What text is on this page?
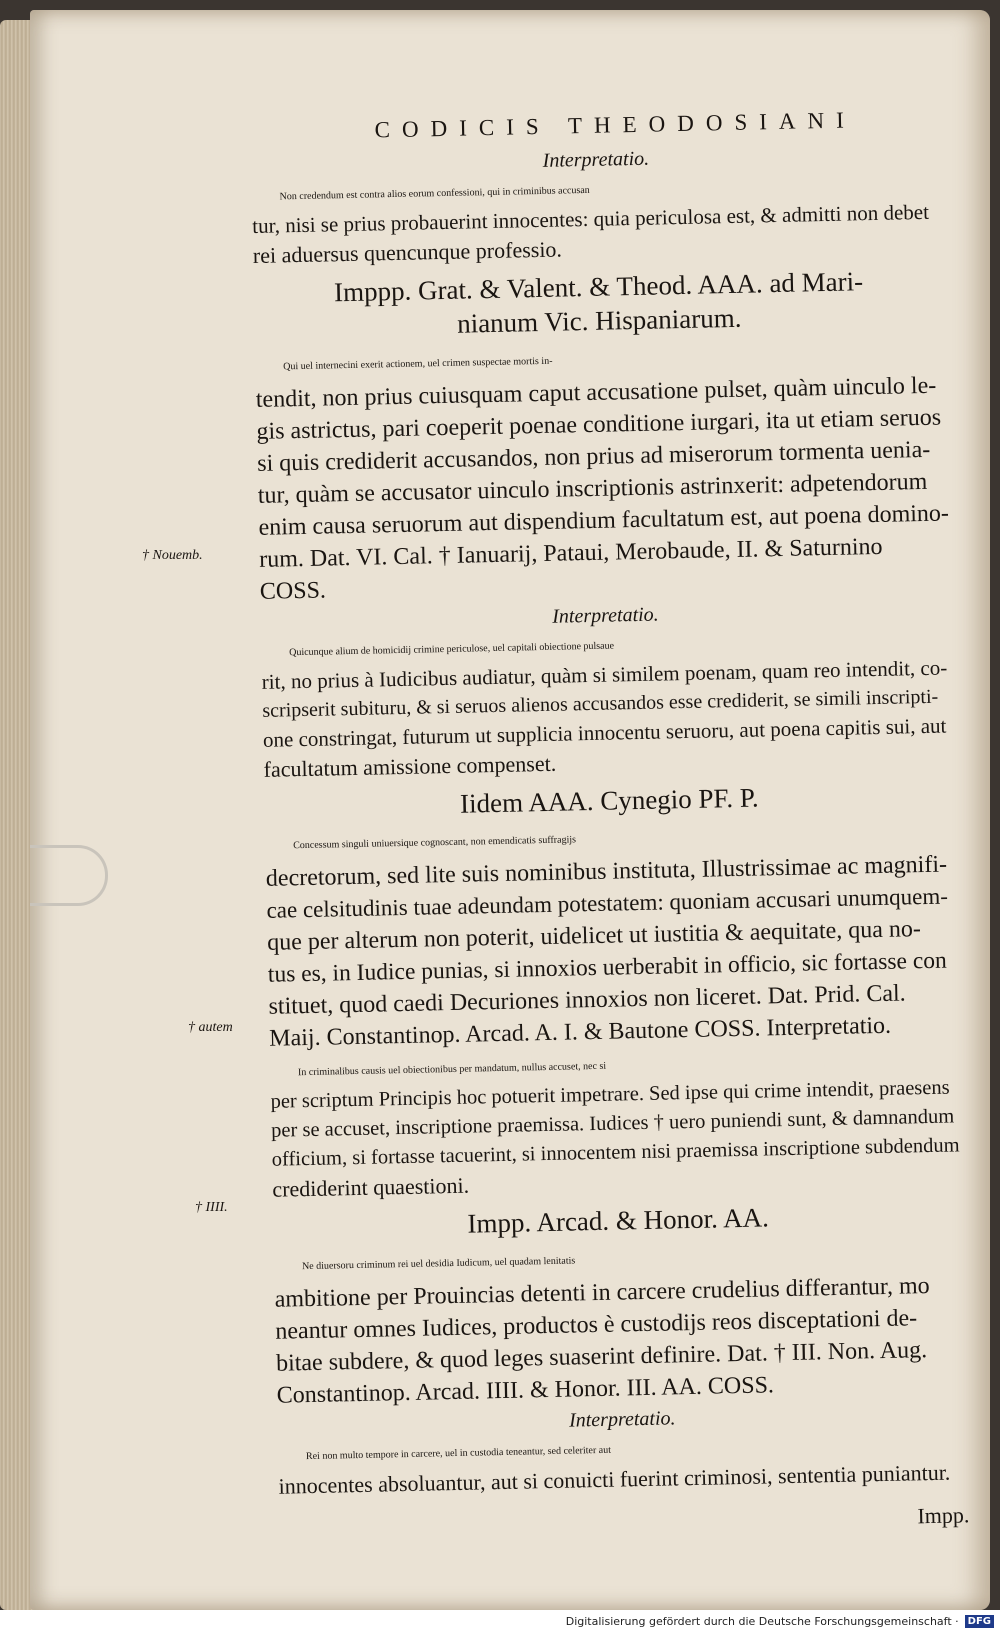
† Nouemb.
† autem
† IIII.
CODICIS THEODOSIANI
Interpretatio.
Non credendum est contra alios eorum confessioni, qui in criminibus accusan
tur, nisi se prius probauerint innocentes: quia periculosa est, & admitti non debet
rei aduersus quencunque professio.
Imppp. Grat. & Valent. & Theod. AAA. ad Mari-
nianum Vic. Hispaniarum.
Qui uel internecini exerit actionem, uel crimen suspectae mortis in-
tendit, non prius cuiusquam caput accusatione pulset, quàm uinculo le-
gis astrictus, pari coeperit poenae conditione iurgari, ita ut etiam seruos
si quis crediderit accusandos, non prius ad miserorum tormenta uenia-
tur, quàm se accusator uinculo inscriptionis astrinxerit: adpetendorum
enim causa seruorum aut dispendium facultatum est, aut poena domino-
rum. Dat. VI. Cal. † Ianuarij, Pataui, Merobaude, II. & Saturnino
COSS.
Interpretatio.
Quicunque alium de homicidij crimine periculose, uel capitali obiectione pulsaue
rit, no prius à Iudicibus audiatur, quàm si similem poenam, quam reo intendit, co-
scripserit subituru, & si seruos alienos accusandos esse crediderit, se simili inscripti-
one constringat, futurum ut supplicia innocentu seruoru, aut poena capitis sui, aut
facultatum amissione compenset.
Iidem AAA. Cynegio PF. P.
Concessum singuli uniuersique cognoscant, non emendicatis suffragijs
decretorum, sed lite suis nominibus instituta, Illustrissimae ac magnifi-
cae celsitudinis tuae adeundam potestatem: quoniam accusari unumquem-
que per alterum non poterit, uidelicet ut iustitia & aequitate, qua no-
tus es, in Iudice punias, si innoxios uerberabit in officio, sic fortasse con
stituet, quod caedi Decuriones innoxios non liceret. Dat. Prid. Cal.
Maij. Constantinop. Arcad. A. I. & Bautone COSS. Interpretatio.
In criminalibus causis uel obiectionibus per mandatum, nullus accuset, nec si
per scriptum Principis hoc potuerit impetrare. Sed ipse qui crime intendit, praesens
per se accuset, inscriptione praemissa. Iudices † uero puniendi sunt, & damnandum
officium, si fortasse tacuerint, si innocentem nisi praemissa inscriptione subdendum
crediderint quaestioni.
Impp. Arcad. & Honor. AA.
Ne diuersoru criminum rei uel desidia Iudicum, uel quadam lenitatis
ambitione per Prouincias detenti in carcere crudelius differantur, mo
neantur omnes Iudices, productos è custodijs reos disceptationi de-
bitae subdere, & quod leges suaserint definire. Dat. † III. Non. Aug.
Constantinop. Arcad. IIII. & Honor. III. AA. COSS.
Interpretatio.
Rei non multo tempore in carcere, uel in custodia teneantur, sed celeriter aut
innocentes absoluantur, aut si conuicti fuerint criminosi, sententia puniantur.
Impp.
Digitalisierung gefördert durch die Deutsche Forschungsgemeinschaft · DFG
